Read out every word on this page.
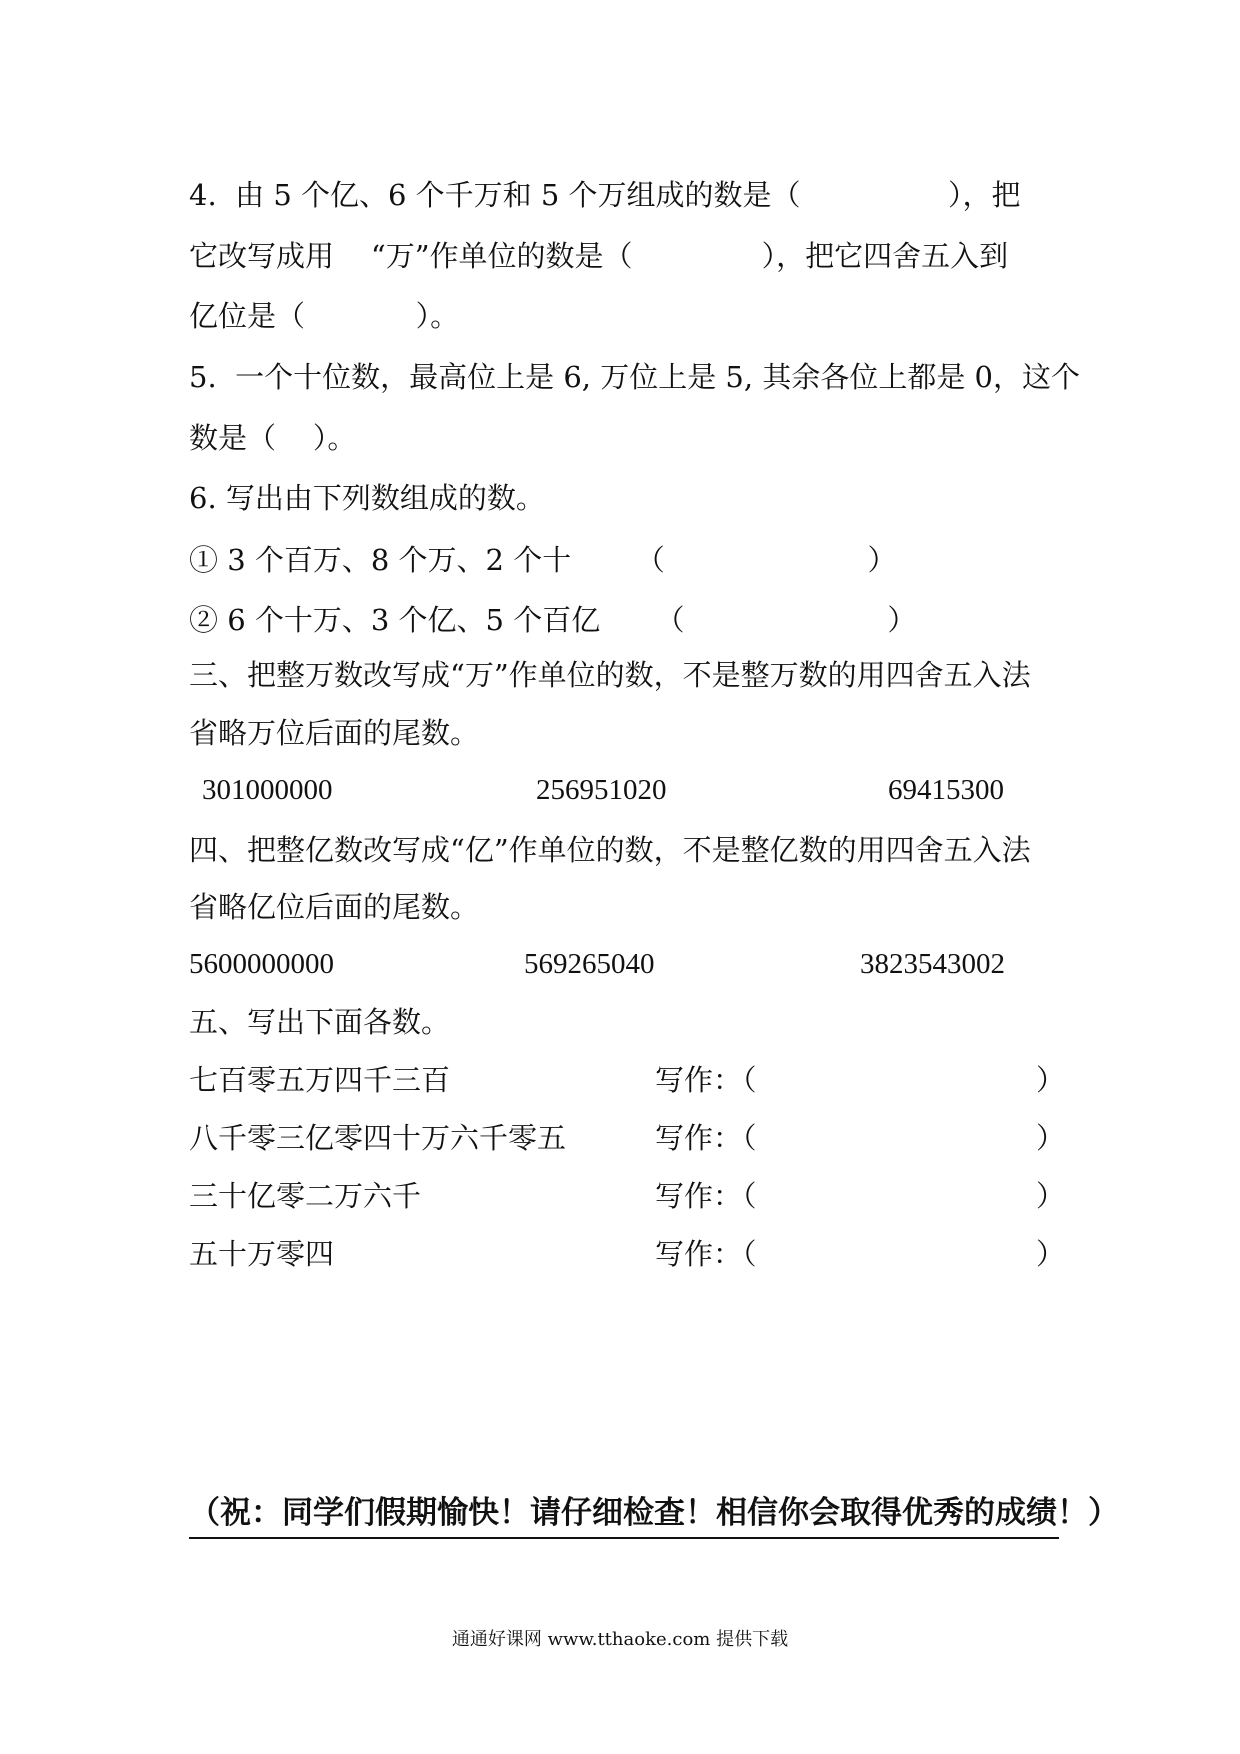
4.  由 5 个亿、6 个千万和 5 个万组成的数是（                ），把
它改写成用    “万”作单位的数是（              ），把它四舍五入到
亿位是（            ）。
5.  一个十位数，最高位上是 6, 万位上是 5, 其余各位上都是 0，这个
数是（    ）。
6. 写出由下列数组成的数。
① 3 个百万、8 个万、2 个十       （                      ）
② 6 个十万、3 个亿、5 个百亿      （                      ）
三、把整万数改写成“万”作单位的数，不是整万数的用四舍五入法
省略万位后面的尾数。
301000000	256951020	69415300
四、把整亿数改写成“亿”作单位的数，不是整亿数的用四舍五入法
省略亿位后面的尾数。
5600000000	569265040	3823543002
五、写出下面各数。
七百零五万四千三百	写作：（	）
八千零三亿零四十万六千零五	写作：（	）
三十亿零二万六千	写作：（	）
五十万零四	写作：（	）
（祝：同学们假期愉快！请仔细检查！相信你会取得优秀的成绩！）
通通好课网 www.tthaoke.com 提供下载
